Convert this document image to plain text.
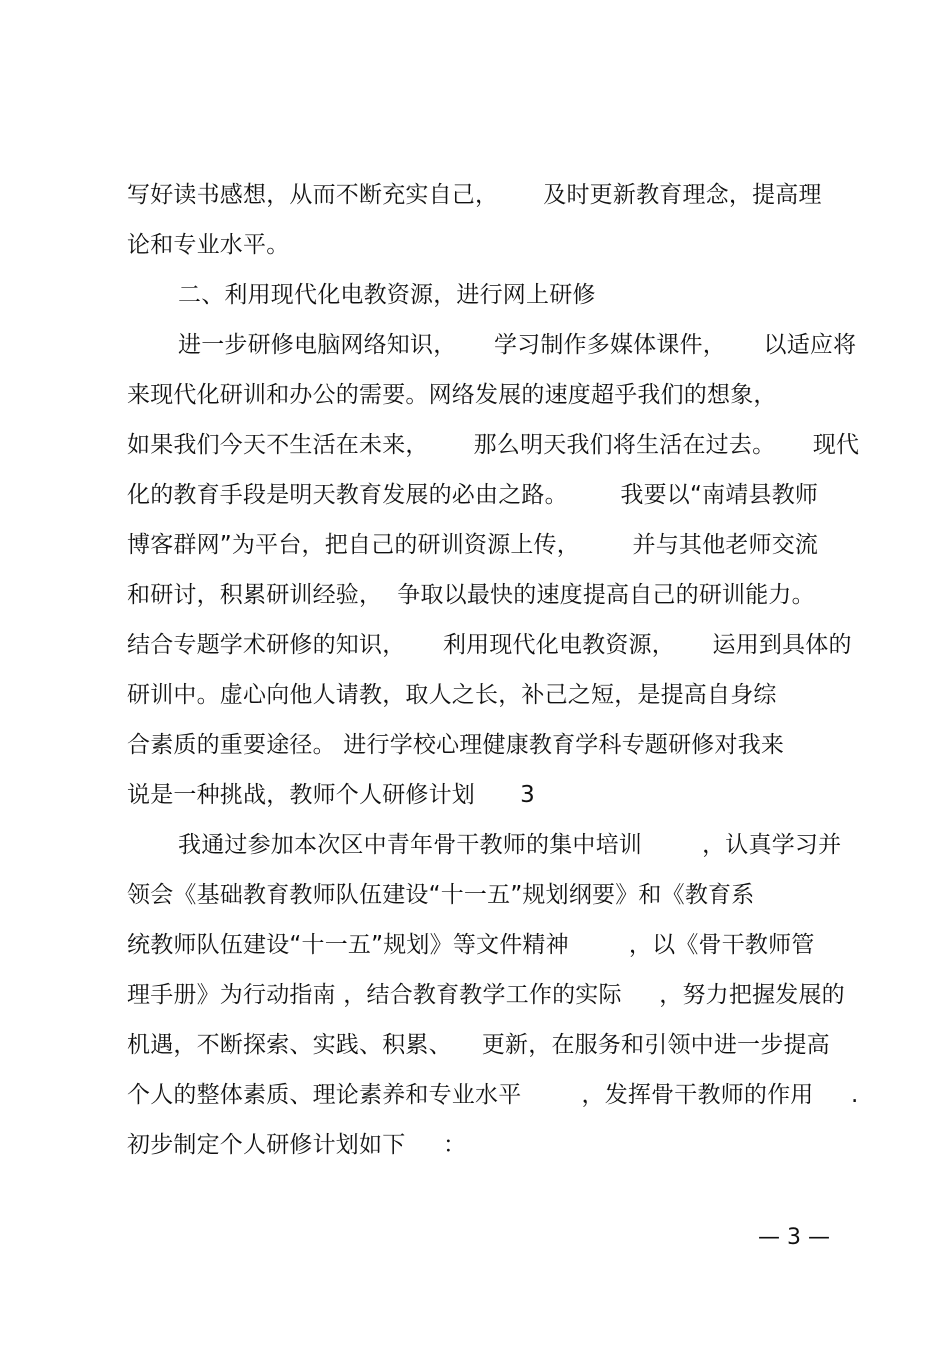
写好读书感想，从而不断充实自己，      及时更新教育理念，提高理
论和专业水平。
二、利用现代化电教资源，进行网上研修
进一步研修电脑网络知识，     学习制作多媒体课件，     以适应将
来现代化研训和办公的需要。网络发展的速度超乎我们的想象，
如果我们今天不生活在未来，      那么明天我们将生活在过去。     现代
化的教育手段是明天教育发展的必由之路。       我要以“南靖县教师
博客群网”为平台，把自己的研训资源上传，       并与其他老师交流
和研讨，积累研训经验，  争取以最快的速度提高自己的研训能力。
结合专题学术研修的知识，     利用现代化电教资源，     运用到具体的
研训中。虚心向他人请教，取人之长，补己之短，是提高自身综
合素质的重要途径。 进行学校心理健康教育学科专题研修对我来
说是一种挑战，教师个人研修计划      3
我通过参加本次区中青年骨干教师的集中培训        ，认真学习并
领会《基础教育教师队伍建设“十一五”规划纲要》和《教育系
统教师队伍建设“十一五”规划》等文件精神        ，以《骨干教师管
理手册》为行动指南 ，结合教育教学工作的实际     ，努力把握发展的
机遇，不断探索、实践、积累、    更新，在服务和引领中进一步提高
个人的整体素质、理论素养和专业水平        ，发挥骨干教师的作用     .
初步制定个人研修计划如下     ：
— 3 —
